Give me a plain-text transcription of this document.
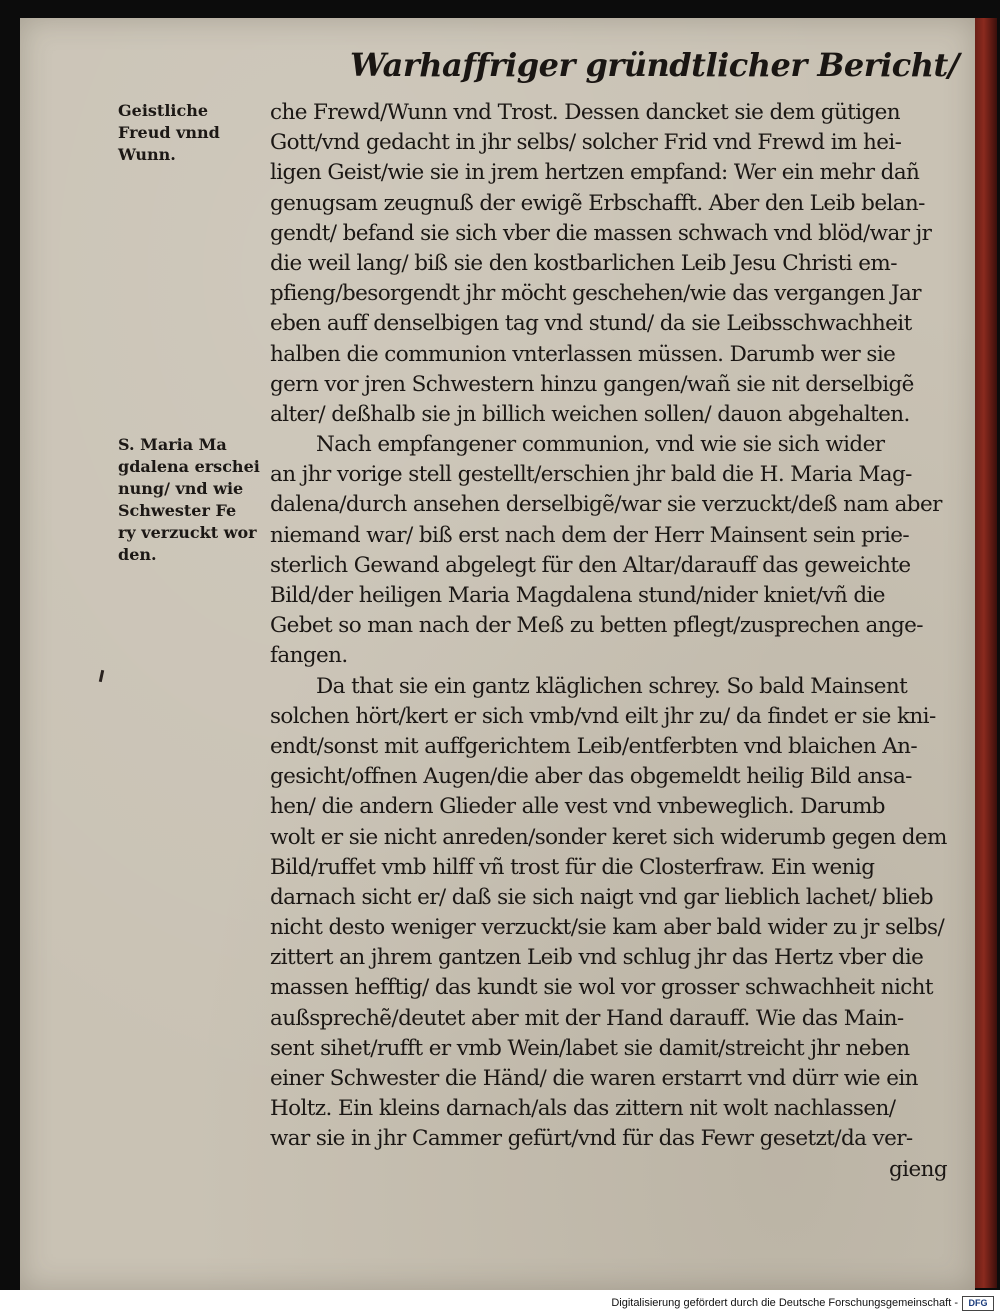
Warhaffriger gründtlicher Bericht/
Geistliche
Freud vnnd
Wunn.
S. Maria Ma
gdalena erschei
nung/ vnd wie
Schwester Fe
ry verzuckt wor
den.
che Frewd/Wunn vnd Trost. Dessen dancket sie dem gütigen
Gott/vnd gedacht in jhr selbs/ solcher Frid vnd Frewd im hei-
ligen Geist/wie sie in jrem hertzen empfand: Wer ein mehr dañ
genugsam zeugnuß der ewigẽ Erbschafft. Aber den Leib belan-
gendt/ befand sie sich vber die massen schwach vnd blöd/war jr
die weil lang/ biß sie den kostbarlichen Leib Jesu Christi em-
pfieng/besorgendt jhr möcht geschehen/wie das vergangen Jar
eben auff denselbigen tag vnd stund/ da sie Leibsschwachheit
halben die communion vnterlassen müssen. Darumb wer sie
gern vor jren Schwestern hinzu gangen/wañ sie nit derselbigẽ
alter/ deßhalb sie jn billich weichen sollen/ dauon abgehalten.
Nach empfangener communion, vnd wie sie sich wider
an jhr vorige stell gestellt/erschien jhr bald die H. Maria Mag-
dalena/durch ansehen derselbigẽ/war sie verzuckt/deß nam aber
niemand war/ biß erst nach dem der Herr Mainsent sein prie-
sterlich Gewand abgelegt für den Altar/darauff das geweichte
Bild/der heiligen Maria Magdalena stund/nider kniet/vñ die
Gebet so man nach der Meß zu betten pflegt/zusprechen ange-
fangen.
Da that sie ein gantz kläglichen schrey. So bald Mainsent
solchen hört/kert er sich vmb/vnd eilt jhr zu/ da findet er sie kni-
endt/sonst mit auffgerichtem Leib/entferbten vnd blaichen An-
gesicht/offnen Augen/die aber das obgemeldt heilig Bild ansa-
hen/ die andern Glieder alle vest vnd vnbeweglich. Darumb
wolt er sie nicht anreden/sonder keret sich widerumb gegen dem
Bild/ruffet vmb hilff vñ trost für die Closterfraw. Ein wenig
darnach sicht er/ daß sie sich naigt vnd gar lieblich lachet/ blieb
nicht desto weniger verzuckt/sie kam aber bald wider zu jr selbs/
zittert an jhrem gantzen Leib vnd schlug jhr das Hertz vber die
massen hefftig/ das kundt sie wol vor grosser schwachheit nicht
außsprechẽ/deutet aber mit der Hand darauff. Wie das Main-
sent sihet/rufft er vmb Wein/labet sie damit/streicht jhr neben
einer Schwester die Händ/ die waren erstarrt vnd dürr wie ein
Holtz. Ein kleins darnach/als das zittern nit wolt nachlassen/
war sie in jhr Cammer gefürt/vnd für das Fewr gesetzt/da ver-
gieng
Digitalisierung gefördert durch die Deutsche Forschungsgemeinschaft -	DFG
